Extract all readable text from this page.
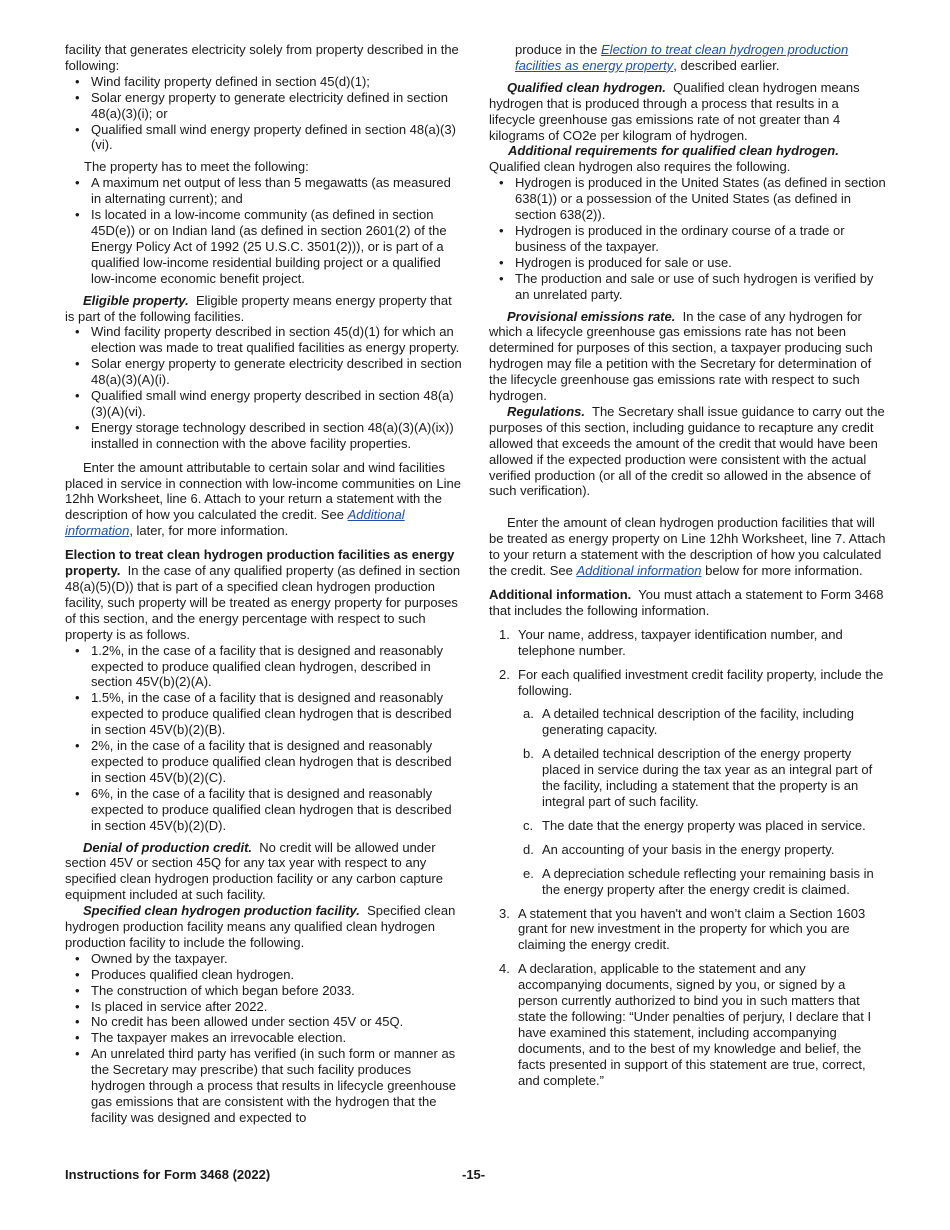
facility that generates electricity solely from property described in the following:

• Wind facility property defined in section 45(d)(1);
• Solar energy property to generate electricity defined in section 48(a)(3)(i); or
• Qualified small wind energy property defined in section 48(a)(3)(vi).

The property has to meet the following:

• A maximum net output of less than 5 megawatts (as measured in alternating current); and
• Is located in a low-income community (as defined in section 45D(e)) or on Indian land (as defined in section 2601(2) of the Energy Policy Act of 1992 (25 U.S.C. 3501(2))), or is part of a qualified low-income residential building project or a qualified low-income economic benefit project.

Eligible property. Eligible property means energy property that is part of the following facilities.

• Wind facility property described in section 45(d)(1) for which an election was made to treat qualified facilities as energy property.
• Solar energy property to generate electricity described in section 48(a)(3)(A)(i).
• Qualified small wind energy property described in section 48(a)(3)(A)(vi).
• Energy storage technology described in section 48(a)(3)(A)(ix)) installed in connection with the above facility properties.

Enter the amount attributable to certain solar and wind facilities placed in service in connection with low-income communities on Line 12hh Worksheet, line 6. Attach to your return a statement with the description of how you calculated the credit. See Additional information, later, for more information.

Election to treat clean hydrogen production facilities as energy property. In the case of any qualified property (as defined in section 48(a)(5)(D)) that is part of a specified clean hydrogen production facility, such property will be treated as energy property for purposes of this section, and the energy percentage with respect to such property is as follows.

• 1.2%, in the case of a facility that is designed and reasonably expected to produce qualified clean hydrogen, described in section 45V(b)(2)(A).
• 1.5%, in the case of a facility that is designed and reasonably expected to produce qualified clean hydrogen that is described in section 45V(b)(2)(B).
• 2%, in the case of a facility that is designed and reasonably expected to produce qualified clean hydrogen that is described in section 45V(b)(2)(C).
• 6%, in the case of a facility that is designed and reasonably expected to produce qualified clean hydrogen that is described in section 45V(b)(2)(D).

Denial of production credit. No credit will be allowed under section 45V or section 45Q for any tax year with respect to any specified clean hydrogen production facility or any carbon capture equipment included at such facility.

Specified clean hydrogen production facility. Specified clean hydrogen production facility means any qualified clean hydrogen production facility to include the following.

• Owned by the taxpayer.
• Produces qualified clean hydrogen.
• The construction of which began before 2033.
• Is placed in service after 2022.
• No credit has been allowed under section 45V or 45Q.
• The taxpayer makes an irrevocable election.
• An unrelated third party has verified (in such form or manner as the Secretary may prescribe) that such facility produces hydrogen through a process that results in lifecycle greenhouse gas emissions that are consistent with the hydrogen that the facility was designed and expected to

produce in the Election to treat clean hydrogen production facilities as energy property, described earlier.

Qualified clean hydrogen. Qualified clean hydrogen means hydrogen that is produced through a process that results in a lifecycle greenhouse gas emissions rate of not greater than 4 kilograms of CO2e per kilogram of hydrogen.

Additional requirements for qualified clean hydrogen.

Qualified clean hydrogen also requires the following.

• Hydrogen is produced in the United States (as defined in section 638(1)) or a possession of the United States (as defined in section 638(2)).
• Hydrogen is produced in the ordinary course of a trade or business of the taxpayer.
• Hydrogen is produced for sale or use.
• The production and sale or use of such hydrogen is verified by an unrelated party.

Provisional emissions rate. In the case of any hydrogen for which a lifecycle greenhouse gas emissions rate has not been determined for purposes of this section, a taxpayer producing such hydrogen may file a petition with the Secretary for determination of the lifecycle greenhouse gas emissions rate with respect to such hydrogen.

Regulations. The Secretary shall issue guidance to carry out the purposes of this section, including guidance to recapture any credit allowed that exceeds the amount of the credit that would have been allowed if the expected production were consistent with the actual verified production (or all of the credit so allowed in the absence of such verification).

Enter the amount of clean hydrogen production facilities that will be treated as energy property on Line 12hh Worksheet, line 7. Attach to your return a statement with the description of how you calculated the credit. See Additional information below for more information.

Additional information. You must attach a statement to Form 3468 that includes the following information.

1. Your name, address, taxpayer identification number, and telephone number.
2. For each qualified investment credit facility property, include the following.
a. A detailed technical description of the facility, including generating capacity.
b. A detailed technical description of the energy property placed in service during the tax year as an integral part of the facility, including a statement that the property is an integral part of such facility.
c. The date that the energy property was placed in service.
d. An accounting of your basis in the energy property.
e. A depreciation schedule reflecting your remaining basis in the energy property after the energy credit is claimed.
3. A statement that you haven't and won’t claim a Section 1603 grant for new investment in the property for which you are claiming the energy credit.
4. A declaration, applicable to the statement and any accompanying documents, signed by you, or signed by a person currently authorized to bind you in such matters that state the following: “Under penalties of perjury, I declare that I have examined this statement, including accompanying documents, and to the best of my knowledge and belief, the facts presented in support of this statement are true, correct, and complete.”
Instructions for Form 3468 (2022)	-15-
